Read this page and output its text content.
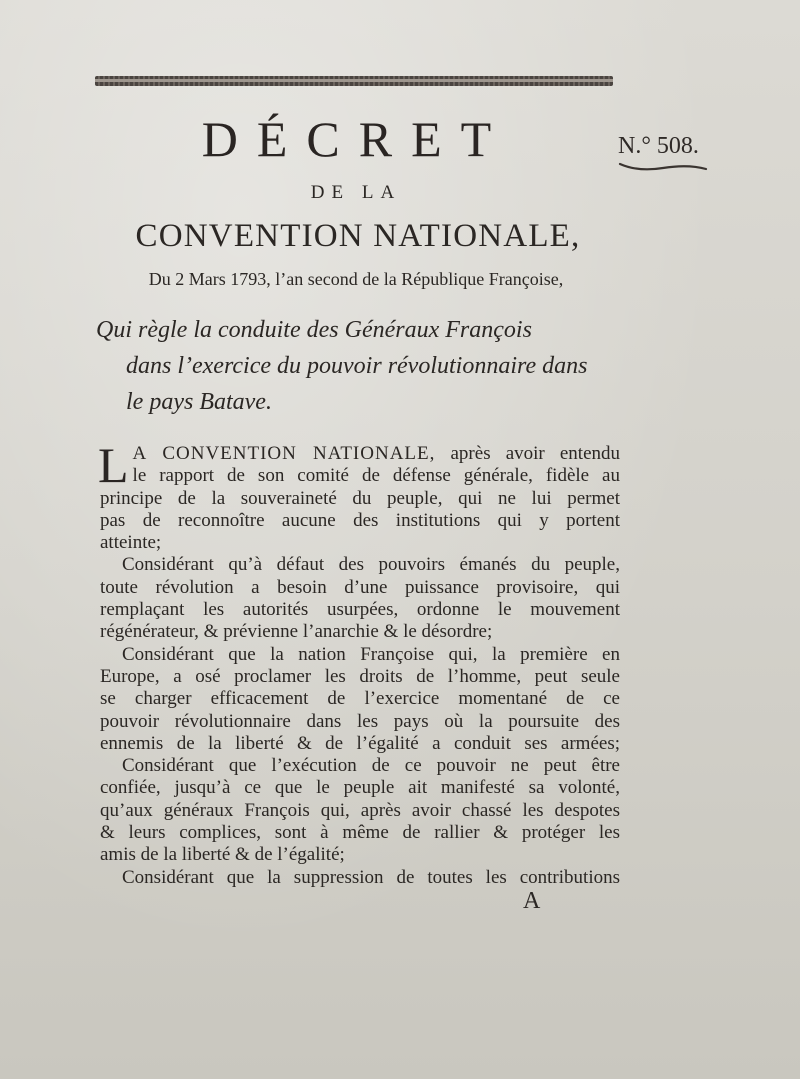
DÉCRET	N.° 508.
DE LA
CONVENTION NATIONALE,
Du 2 Mars 1793, l’an second de la République Françoise,
Qui règle la conduite des Généraux François
dans l’exercice du pouvoir révolutionnaire dans
le pays Batave.
L A CONVENTION NATIONALE, après avoir entendu
le rapport de son comité de défense générale, fidèle au
principe de la souveraineté du peuple, qui ne lui permet
pas de reconnoître aucune des institutions qui y portent
atteinte;
Considérant qu’à défaut des pouvoirs émanés du peuple,
toute révolution a besoin d’une puissance provisoire, qui
remplaçant les autorités usurpées, ordonne le mouvement
régénérateur, & prévienne l’anarchie & le désordre;
Considérant que la nation Françoise qui, la première en
Europe, a osé proclamer les droits de l’homme, peut seule
se charger efficacement de l’exercice momentané de ce
pouvoir révolutionnaire dans les pays où la poursuite des
ennemis de la liberté & de l’égalité a conduit ses armées;
Considérant que l’exécution de ce pouvoir ne peut être
confiée, jusqu’à ce que le peuple ait manifesté sa volonté,
qu’aux généraux François qui, après avoir chassé les despotes
& leurs complices, sont à même de rallier & protéger les
amis de la liberté & de l’égalité;
Considérant que la suppression de toutes les contributions
A
